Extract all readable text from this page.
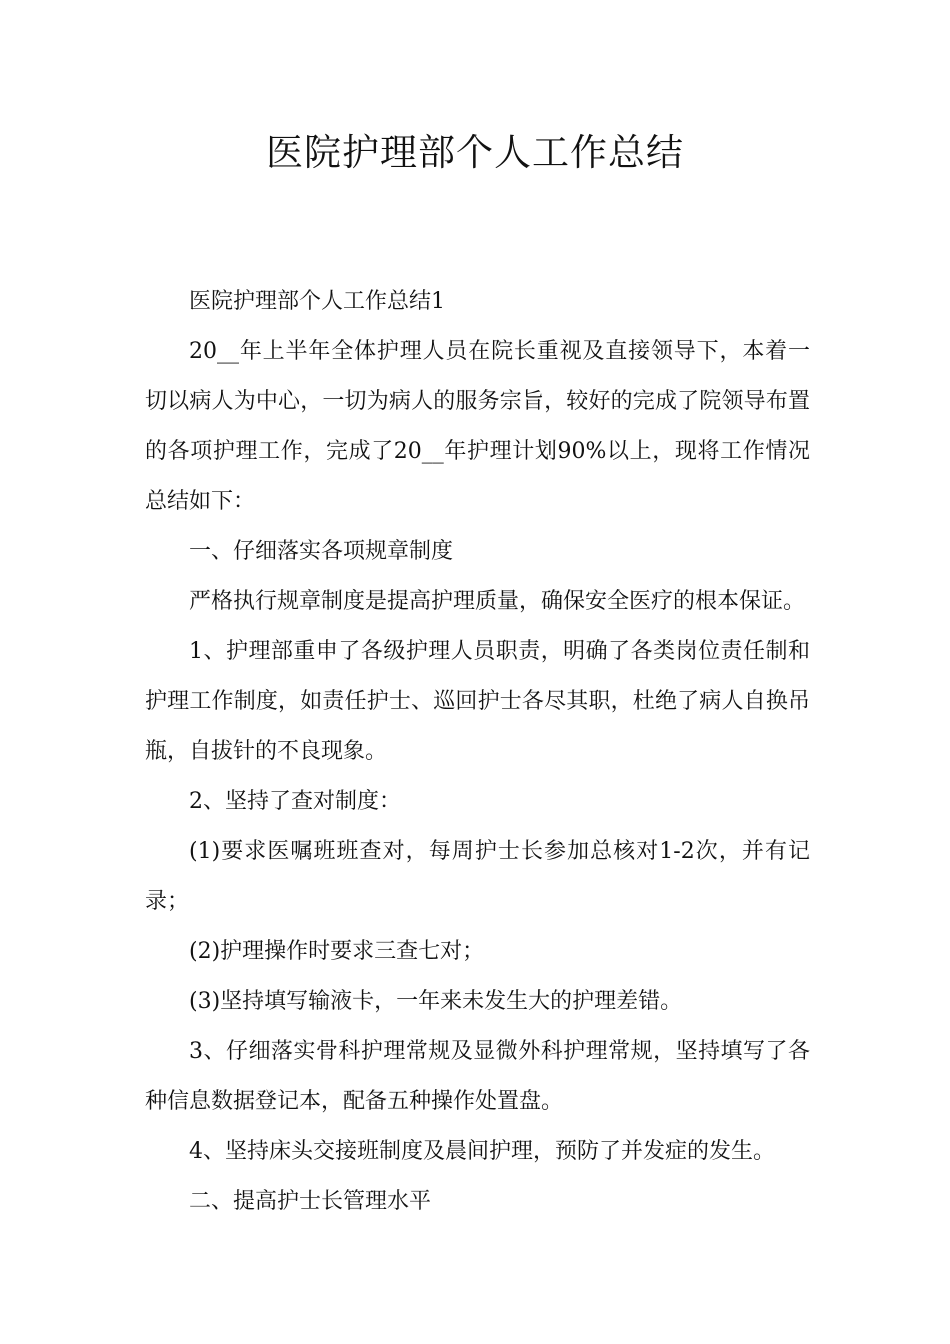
医院护理部个人工作总结

医院护理部个人工作总结1

20__年上半年全体护理人员在院长重视及直接领导下，本着一切以病人为中心，一切为病人的服务宗旨，较好的完成了院领导布置的各项护理工作，完成了20__年护理计划90%以上，现将工作情况总结如下：

一、仔细落实各项规章制度

严格执行规章制度是提高护理质量，确保安全医疗的根本保证。

1、护理部重申了各级护理人员职责，明确了各类岗位责任制和护理工作制度，如责任护士、巡回护士各尽其职，杜绝了病人自换吊瓶，自拔针的不良现象。

2、坚持了查对制度：

(1)要求医嘱班班查对，每周护士长参加总核对1-2次，并有记录；

(2)护理操作时要求三查七对；

(3)坚持填写输液卡，一年来未发生大的护理差错。

3、仔细落实骨科护理常规及显微外科护理常规，坚持填写了各种信息数据登记本，配备五种操作处置盘。

4、坚持床头交接班制度及晨间护理，预防了并发症的发生。

二、提高护士长管理水平
